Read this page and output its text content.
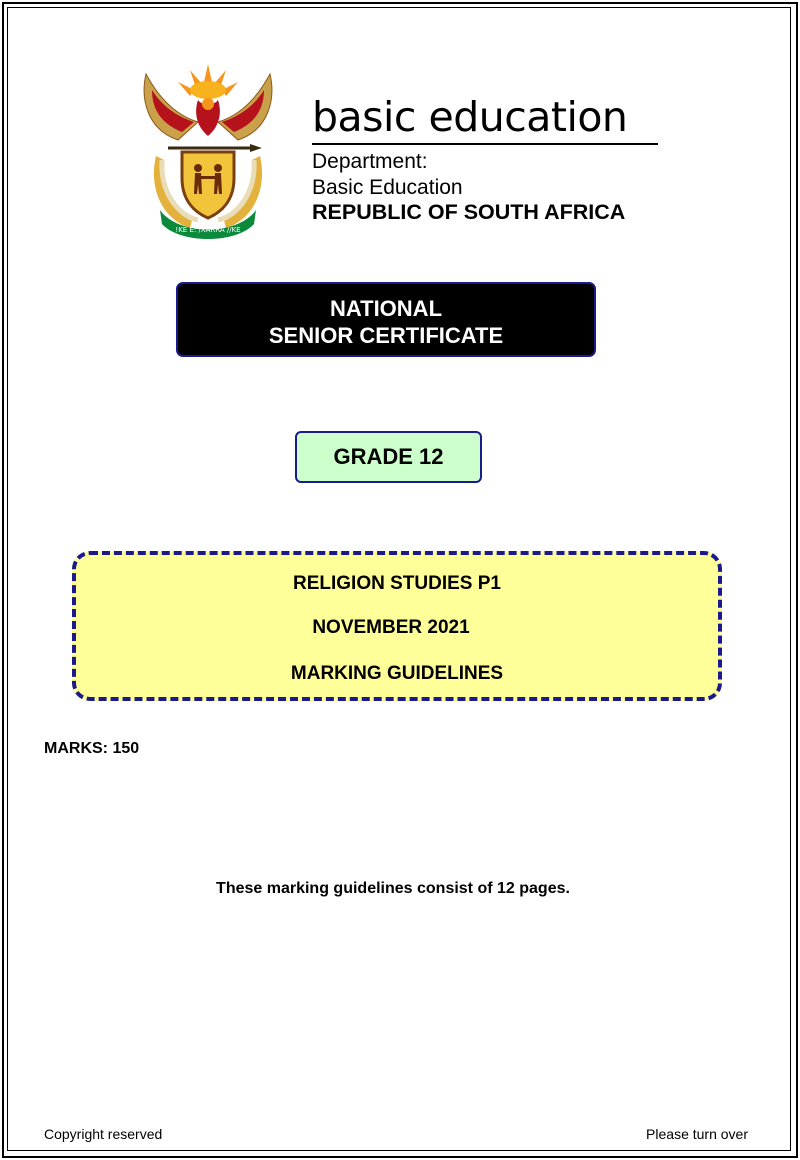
!KE E: /XARRA //KE
basic education
Department:
Basic Education
REPUBLIC OF SOUTH AFRICA
NATIONAL
SENIOR CERTIFICATE
GRADE 12
RELIGION STUDIES P1
NOVEMBER 2021
MARKING GUIDELINES
MARKS: 150
These marking guidelines consist of 12 pages.
Copyright reserved	Please turn over
